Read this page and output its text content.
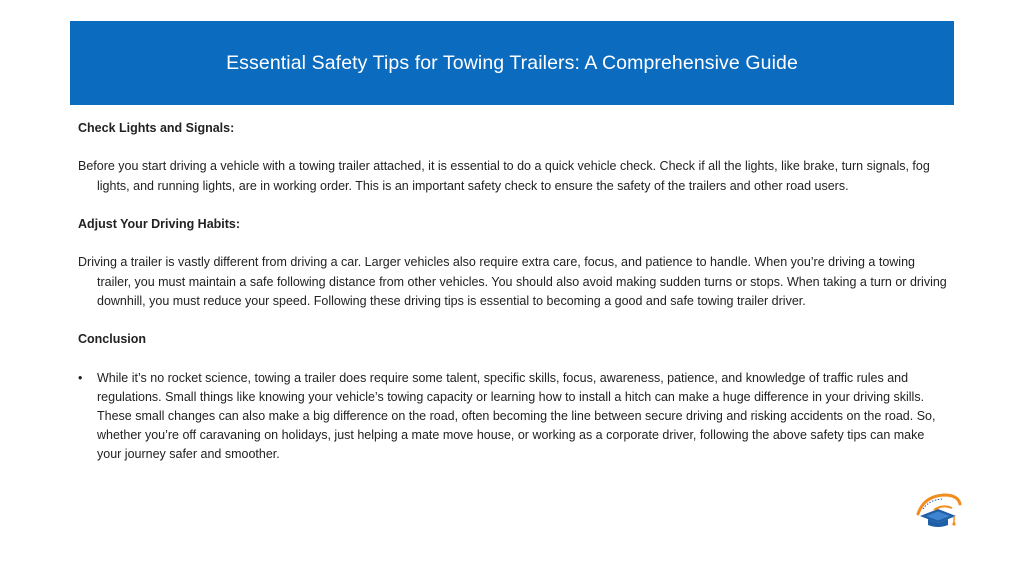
Essential Safety Tips for Towing Trailers: A Comprehensive Guide

Check Lights and Signals:

Before you start driving a vehicle with a towing trailer attached, it is essential to do a quick vehicle check. Check if all the lights, like brake, turn signals, fog lights, and running lights, are in working order. This is an important safety check to ensure the safety of the trailers and other road users.

Adjust Your Driving Habits:

Driving a trailer is vastly different from driving a car. Larger vehicles also require extra care, focus, and patience to handle. When you’re driving a towing trailer, you must maintain a safe following distance from other vehicles. You should also avoid making sudden turns or stops. When taking a turn or driving downhill, you must reduce your speed. Following these driving tips is essential to becoming a good and safe towing trailer driver.

Conclusion

•	While it’s no rocket science, towing a trailer does require some talent, specific skills, focus, awareness, patience, and knowledge of traffic rules and regulations. Small things like knowing your vehicle’s towing capacity or learning how to install a hitch can make a huge difference in your driving skills. These small changes can also make a big difference on the road, often becoming the line between secure driving and risking accidents on the road. So, whether you’re off caravaning on holidays, just helping a mate move house, or working as a corporate driver, following the above safety tips can make your journey safer and smoother.
